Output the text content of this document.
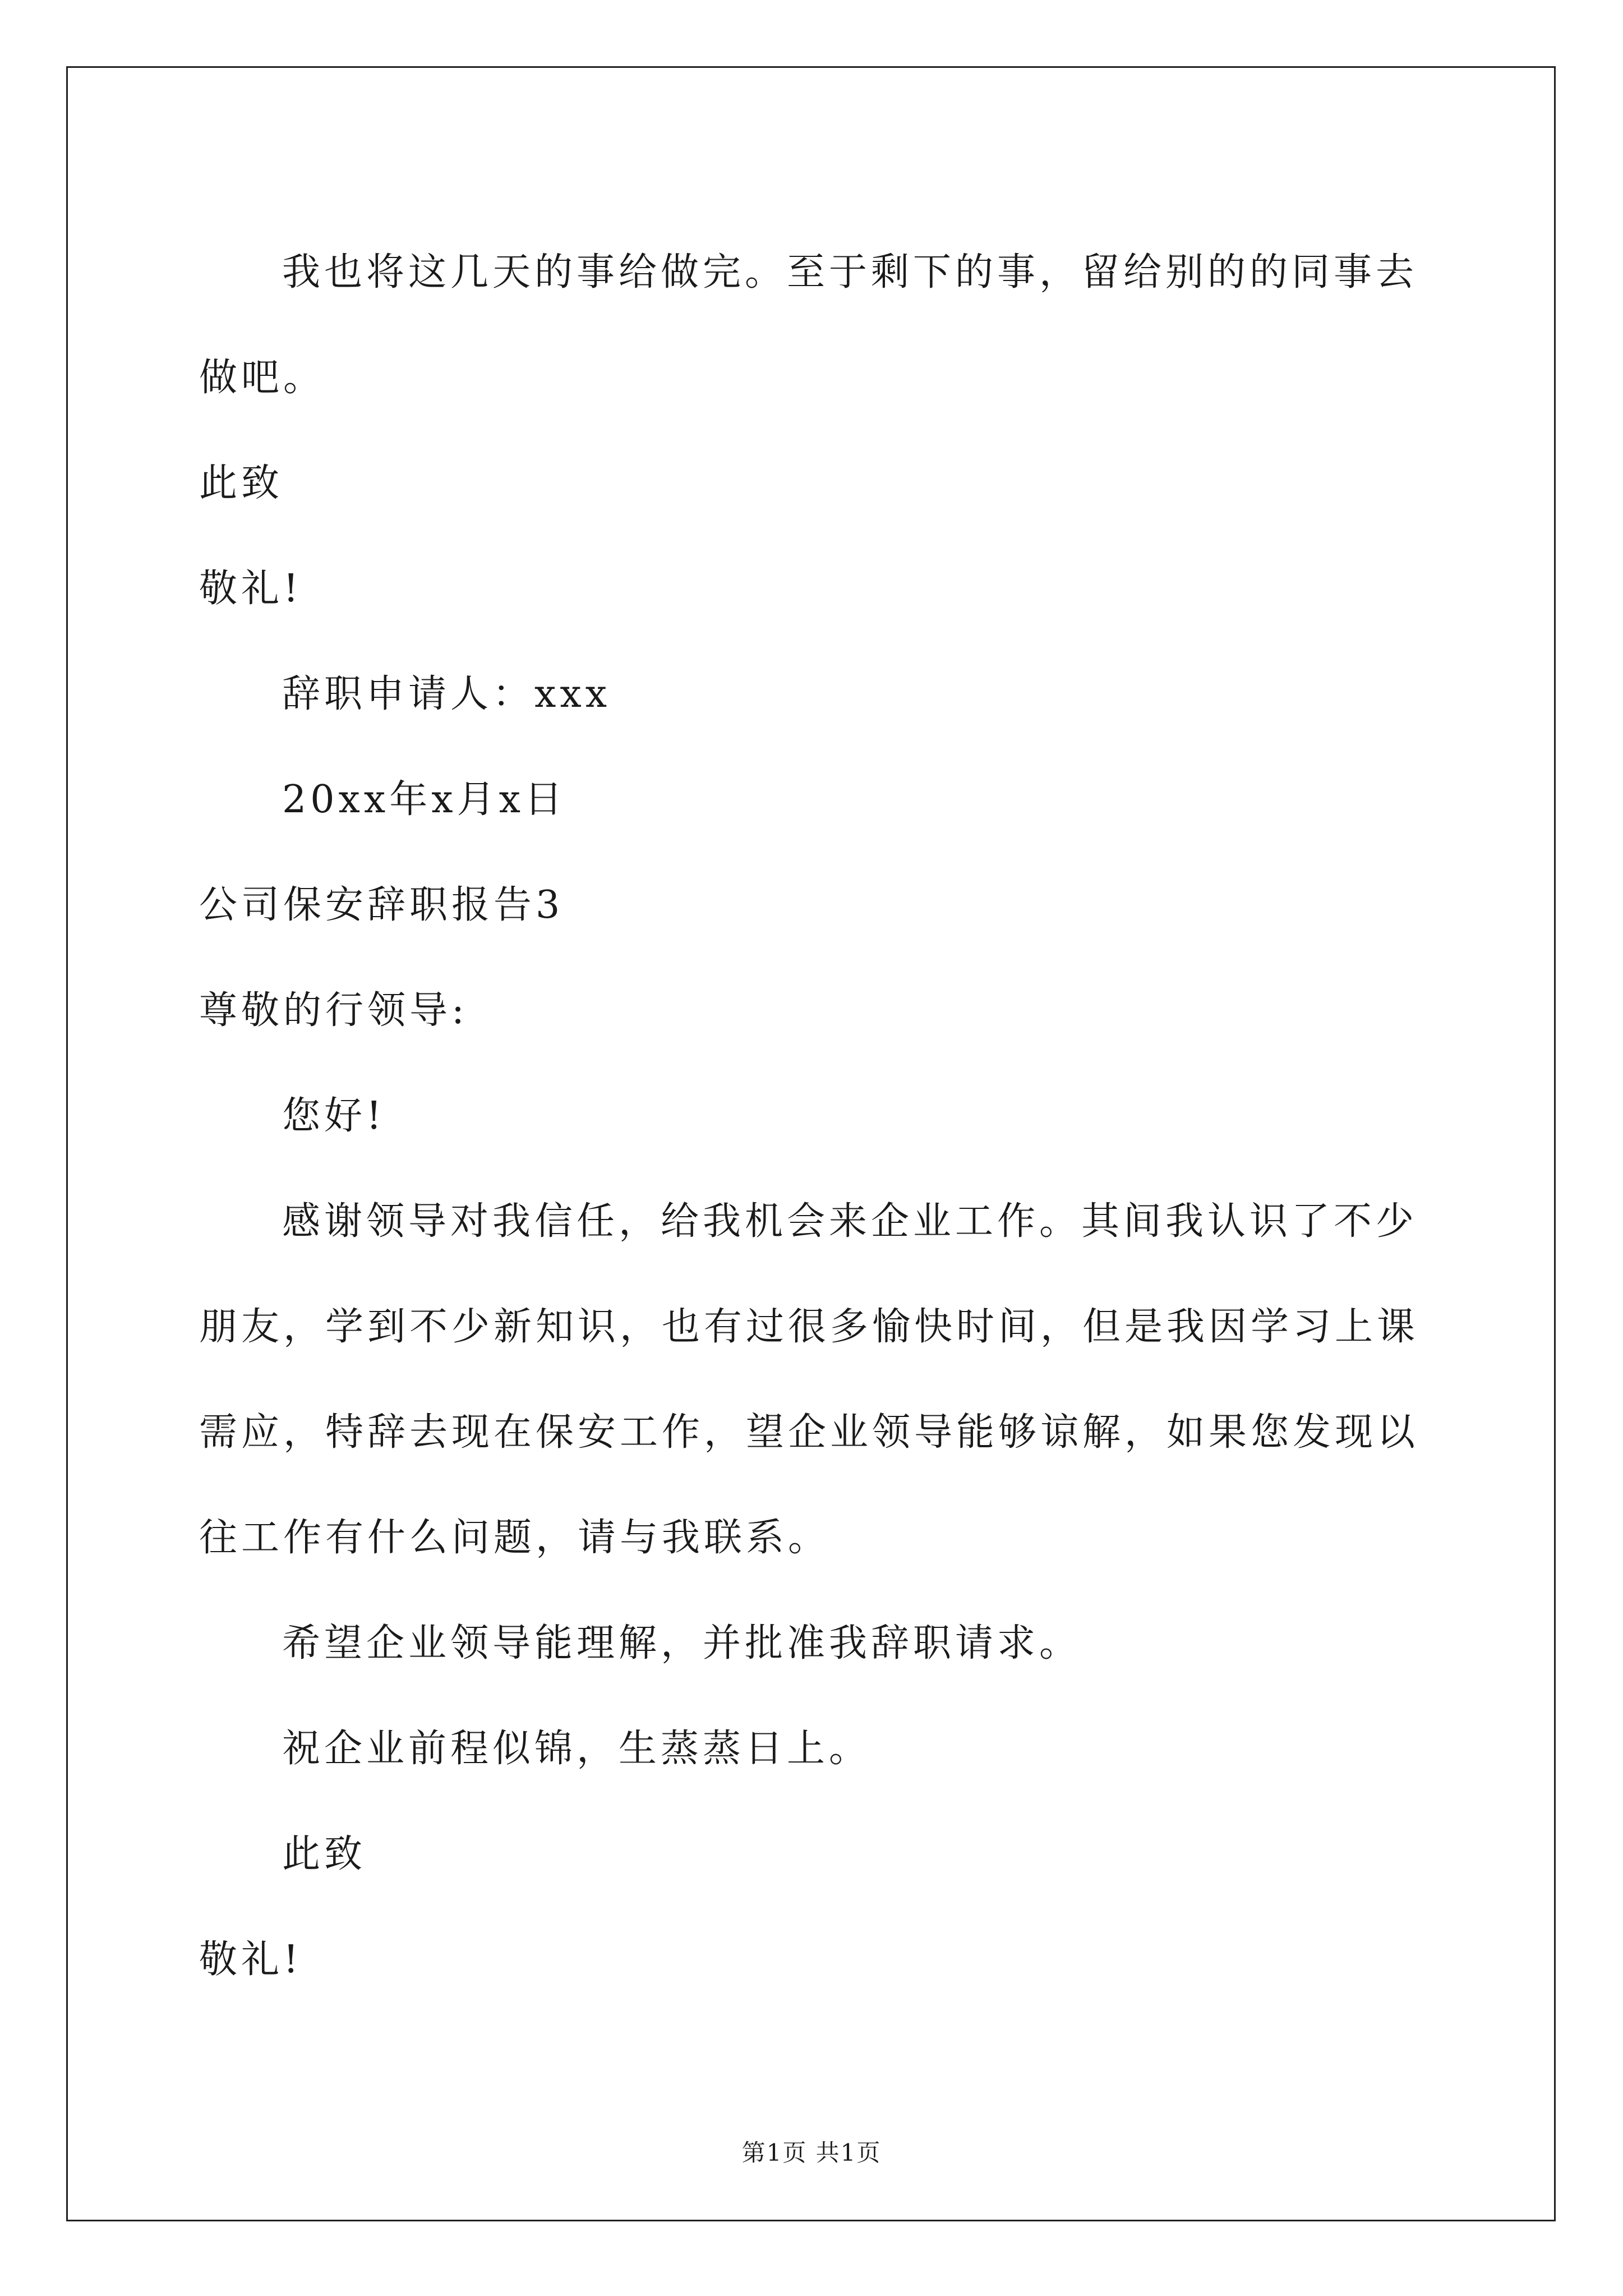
我也将这几天的事给做完。至于剩下的事，留给别的的同事去做吧。

此致

敬礼!

辞职申请人：xxx

20xx年x月x日

公司保安辞职报告3

尊敬的行领导:

您好!

感谢领导对我信任，给我机会来企业工作。其间我认识了不少朋友，学到不少新知识，也有过很多愉快时间，但是我因学习上课需应，特辞去现在保安工作，望企业领导能够谅解，如果您发现以往工作有什么问题，请与我联系。

希望企业领导能理解，并批准我辞职请求。

祝企业前程似锦，生蒸蒸日上。

此致

敬礼!

第1页 共1页
